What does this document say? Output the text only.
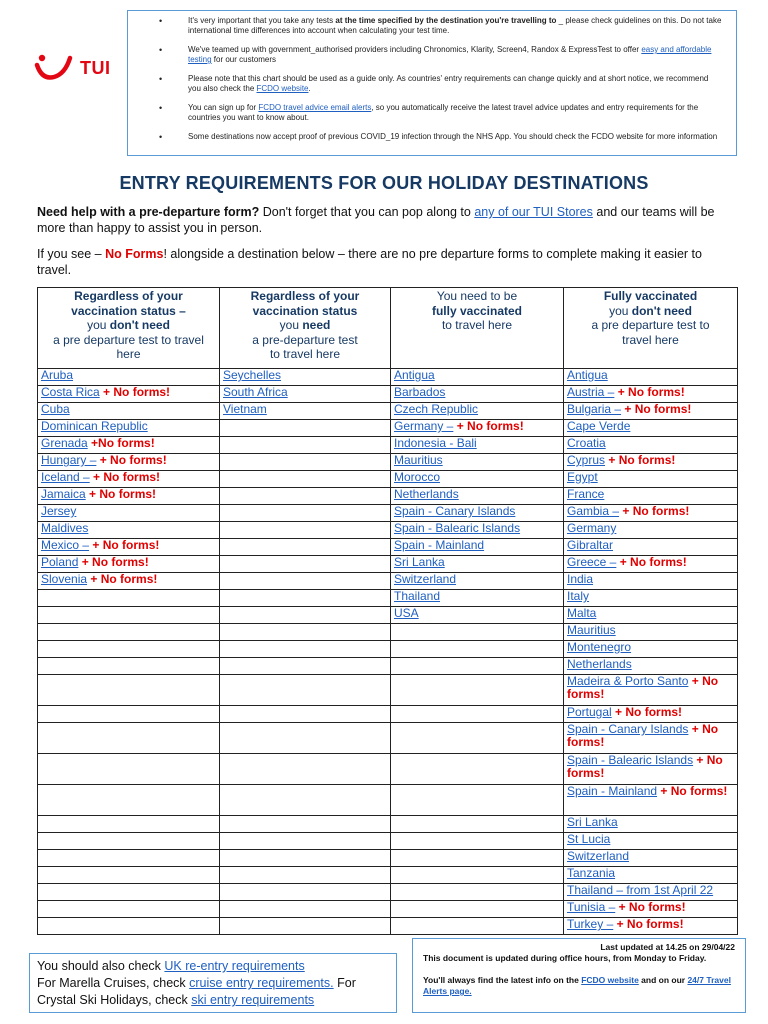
TUI
• It's very important that you take any tests at the time specified by the destination you're travelling to _ please check guidelines on this. Do not take international time differences into account when calculating your test time.
• We've teamed up with government_authorised providers including Chronomics, Klarity, Screen4, Randox & ExpressTest to offer easy and affordable testing for our customers
• Please note that this chart should be used as a guide only. As countries' entry requirements can change quickly and at short notice, we recommend you also check the FCDO website.
• You can sign up for FCDO travel advice email alerts, so you automatically receive the latest travel advice updates and entry requirements for the countries you want to know about.
• Some destinations now accept proof of previous COVID_19 infection through the NHS App. You should check the FCDO website for more information
ENTRY REQUIREMENTS FOR OUR HOLIDAY DESTINATIONS
Need help with a pre-departure form? Don't forget that you can pop along to any of our TUI Stores and our teams will be more than happy to assist you in person.
If you see – No Forms! alongside a destination below – there are no pre departure forms to complete making it easier to travel.
Regardless of your
vaccination status –
you don't need
a pre departure test to travel
here	Regardless of your
vaccination status
you need
a pre-departure test
to travel here	You need to be
fully vaccinated
to travel here	Fully vaccinated
you don't need
a pre departure test to
travel here
Aruba	Seychelles	Antigua	Antigua
Costa Rica + No forms!	South Africa	Barbados	Austria – + No forms!
Cuba	Vietnam	Czech Republic	Bulgaria – + No forms!
Dominican Republic		Germany – + No forms!	Cape Verde
Grenada +No forms!		Indonesia - Bali	Croatia
Hungary – + No forms!		Mauritius	Cyprus + No forms!
Iceland – + No forms!		Morocco	Egypt
Jamaica + No forms!		Netherlands	France
Jersey		Spain - Canary Islands	Gambia – + No forms!
Maldives		Spain - Balearic Islands	Germany
Mexico – + No forms!		Spain - Mainland	Gibraltar
Poland + No forms!		Sri Lanka	Greece – + No forms!
Slovenia + No forms!		Switzerland	India
		Thailand	Italy
		USA	Malta
			Mauritius
			Montenegro
			Netherlands
			Madeira & Porto Santo + No forms!
			Portugal + No forms!
			Spain - Canary Islands + No forms!
			Spain - Balearic Islands + No forms!
			Spain - Mainland + No forms!
			Sri Lanka
			St Lucia
			Switzerland
			Tanzania
			Thailand – from 1st April 22
			Tunisia – + No forms!
			Turkey – + No forms!
You should also check UK re-entry requirements
For Marella Cruises, check cruise entry requirements. For Crystal Ski Holidays, check ski entry requirements
Last updated at 14.25 on 29/04/22
This document is updated during office hours, from Monday to Friday.
You'll always find the latest info on the FCDO website and on our 24/7 Travel Alerts page.
